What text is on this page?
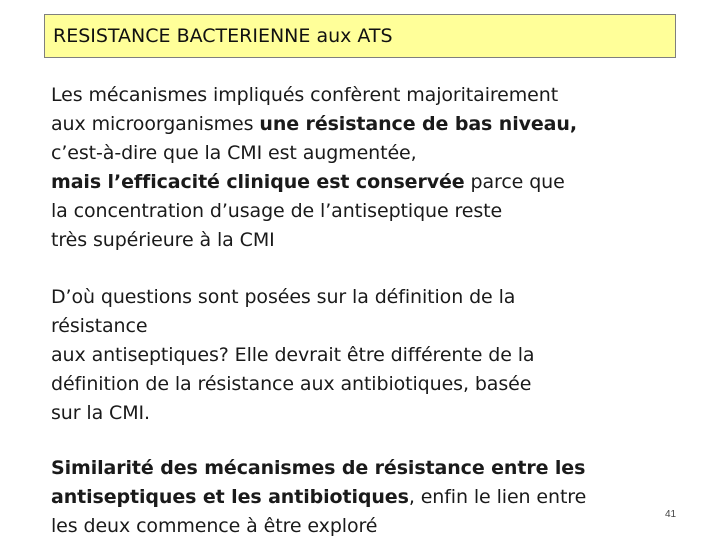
RESISTANCE BACTERIENNE aux ATS
Les mécanismes impliqués confèrent majoritairement
aux microorganismes une résistance de bas niveau,
c’est-à-dire que la CMI est augmentée,
mais l’efficacité clinique est conservée parce que
la concentration d’usage de l’antiseptique reste
très supérieure à la CMI
D’où questions sont posées sur la définition de la
résistance
aux antiseptiques? Elle devrait être différente de la
définition de la résistance aux antibiotiques, basée
sur la CMI.
Similarité des mécanismes de résistance entre les
antiseptiques et les antibiotiques, enfin le lien entre
les deux commence à être exploré
41
